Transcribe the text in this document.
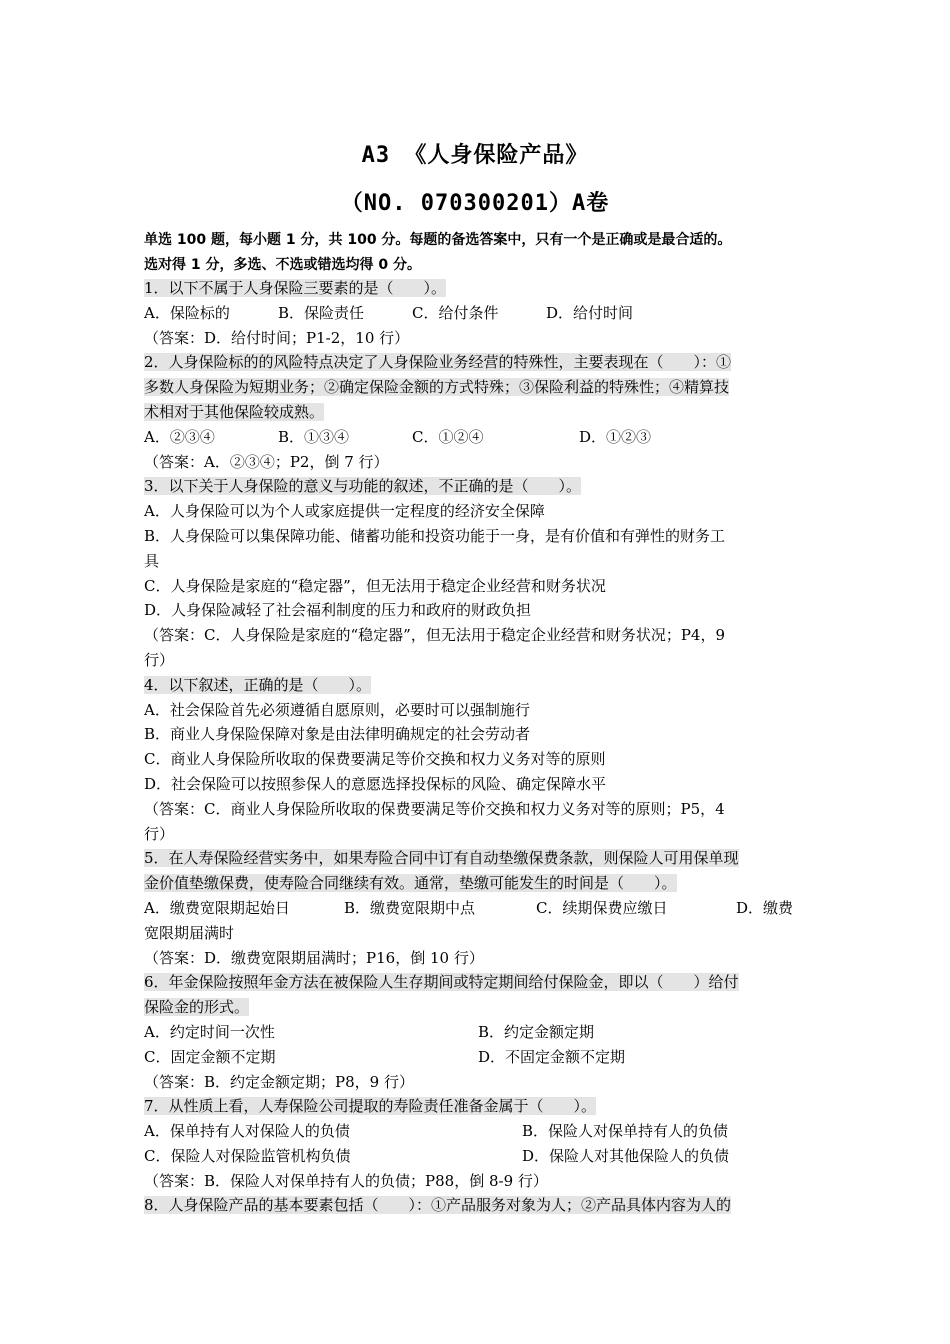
A3 《人身保险产品》
（NO. 070300201）A卷
单选 100 题，每小题 1 分，共 100 分。每题的备选答案中，只有一个是正确或是最合适的。
选对得 1 分，多选、不选或错选均得 0 分。
1．以下不属于人身保险三要素的是（　　）。
A．保险标的	B．保险责任	C．给付条件	D．给付时间
（答案：D．给付时间；P1-2，10 行）
2．人身保险标的的风险特点决定了人身保险业务经营的特殊性，主要表现在（　　）：①
多数人身保险为短期业务；②确定保险金额的方式特殊；③保险利益的特殊性；④精算技
术相对于其他保险较成熟。
A．②③④	B．①③④	C．①②④	D．①②③
（答案：A．②③④；P2，倒 7 行）
3．以下关于人身保险的意义与功能的叙述，不正确的是（　　）。
A．人身保险可以为个人或家庭提供一定程度的经济安全保障
B．人身保险可以集保障功能、储蓄功能和投资功能于一身，是有价值和有弹性的财务工
具
C．人身保险是家庭的“稳定器”，但无法用于稳定企业经营和财务状况
D．人身保险减轻了社会福利制度的压力和政府的财政负担
（答案：C．人身保险是家庭的“稳定器”，但无法用于稳定企业经营和财务状况；P4，9
行）
4．以下叙述，正确的是（　　）。
A．社会保险首先必须遵循自愿原则，必要时可以强制施行
B．商业人身保险保障对象是由法律明确规定的社会劳动者
C．商业人身保险所收取的保费要满足等价交换和权力义务对等的原则
D．社会保险可以按照参保人的意愿选择投保标的风险、确定保障水平
（答案：C．商业人身保险所收取的保费要满足等价交换和权力义务对等的原则；P5，4
行）
5．在人寿保险经营实务中，如果寿险合同中订有自动垫缴保费条款，则保险人可用保单现
金价值垫缴保费，使寿险合同继续有效。通常，垫缴可能发生的时间是（　　）。
A．缴费宽限期起始日	B．缴费宽限期中点	C．续期保费应缴日	D．缴费
宽限期届满时
（答案：D．缴费宽限期届满时；P16，倒 10 行）
6．年金保险按照年金方法在被保险人生存期间或特定期间给付保险金，即以（　　）给付
保险金的形式。
A．约定时间一次性	B．约定金额定期
C．固定金额不定期	D．不固定金额不定期
（答案：B．约定金额定期；P8，9 行）
7．从性质上看，人寿保险公司提取的寿险责任准备金属于（　　）。
A．保单持有人对保险人的负债	B．保险人对保单持有人的负债
C．保险人对保险监管机构负债	D．保险人对其他保险人的负债
（答案：B．保险人对保单持有人的负债；P88，倒 8-9 行）
8．人身保险产品的基本要素包括（　　）：①产品服务对象为人；②产品具体内容为人的
